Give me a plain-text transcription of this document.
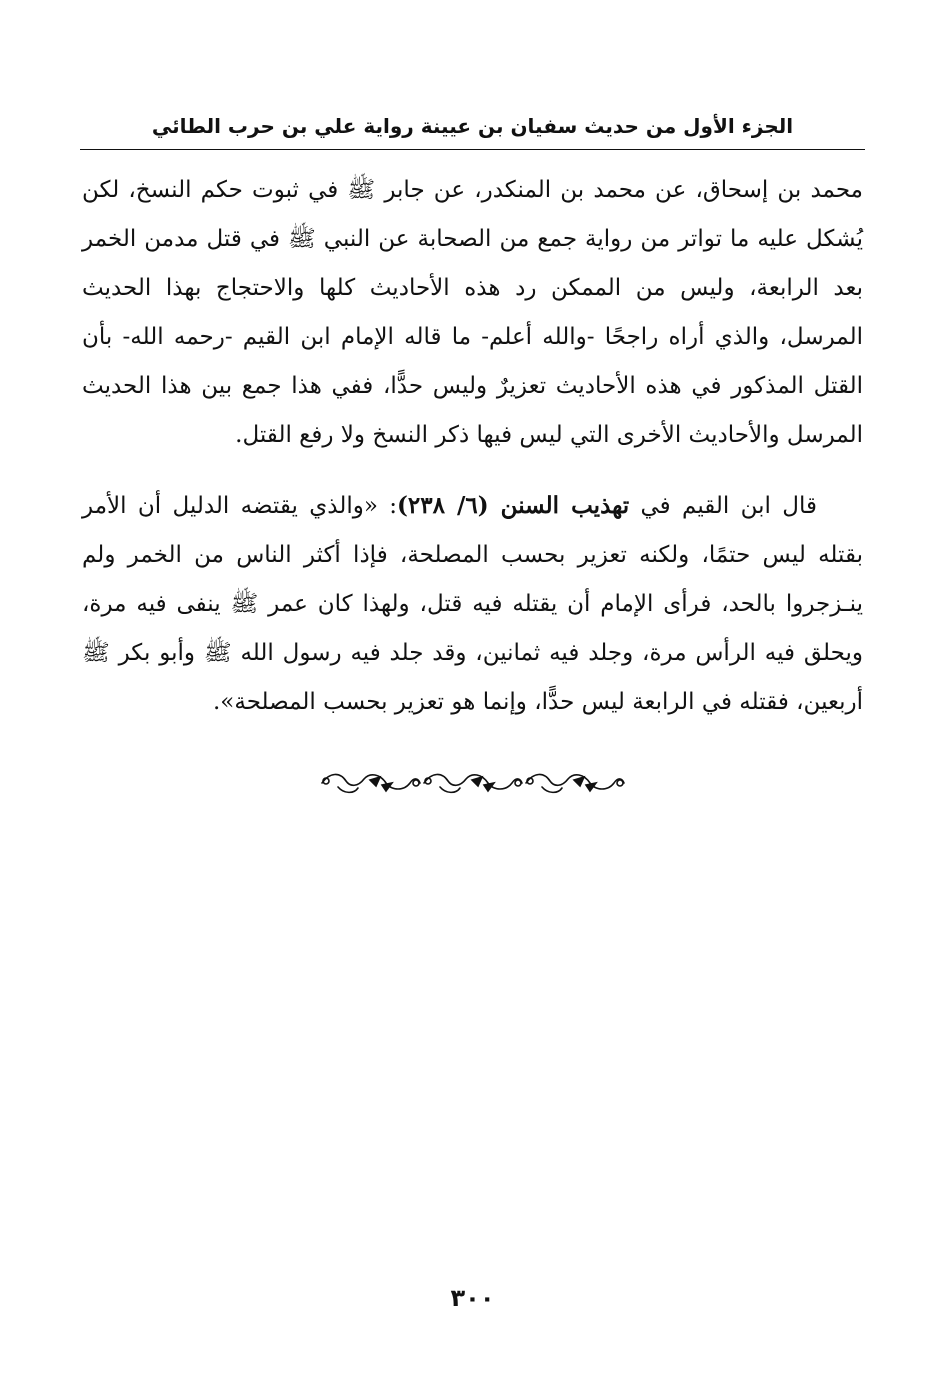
الجزء الأول من حديث سفيان بن عيينة رواية علي بن حرب الطائي

محمد بن إسحاق، عن محمد بن المنكدر، عن جابر ﷺ في ثبوت حكم النسخ، لكن يُشكل عليه ما تواتر من رواية جمع من الصحابة عن النبي ﷺ في قتل مدمن الخمر بعد الرابعة، وليس من الممكن رد هذه الأحاديث كلها والاحتجاج بهذا الحديث المرسل، والذي أراه راجحًا -والله أعلم- ما قاله الإمام ابن القيم -رحمه الله- بأن القتل المذكور في هذه الأحاديث تعزيرٌ وليس حدًّا، ففي هذا جمع بين هذا الحديث المرسل والأحاديث الأخرى التي ليس فيها ذكر النسخ ولا رفع القتل.

قال ابن القيم في تهذيب السنن (٦/ ٢٣٨): «والذي يقتضه الدليل أن الأمر بقتله ليس حتمًا، ولكنه تعزير بحسب المصلحة، فإذا أكثر الناس من الخمر ولم ينـزجروا بالحد، فرأى الإمام أن يقتله فيه قتل، ولهذا كان عمر ﷺ ينفى فيه مرة، ويحلق فيه الرأس مرة، وجلد فيه ثمانين، وقد جلد فيه رسول الله ﷺ وأبو بكر ﷺ أربعين، فقتله في الرابعة ليس حدًّا، وإنما هو تعزير بحسب المصلحة».

٣٠٠
